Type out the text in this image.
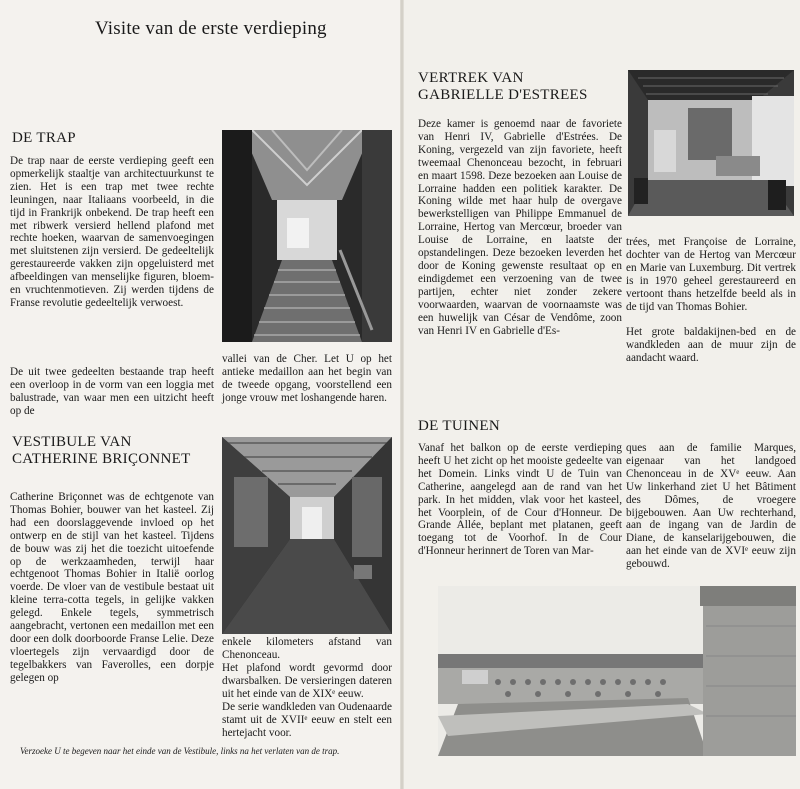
Visite van de erste verdieping
DE TRAP

De trap naar de eerste verdieping geeft een opmerkelijk staaltje van architectuurkunst te zien. Het is een trap met twee rechte leuningen, naar Italiaans voorbeeld, in die tijd in Frankrijk onbekend. De trap heeft een met ribwerk versierd hellend plafond met rechte hoeken, waarvan de samenvoegingen met sluitstenen zijn versierd. De gedeeltelijk gerestaureerde vakken zijn opgeluisterd met afbeeldingen van menselijke figuren, bloem- en vruchtenmotieven. Zij werden tijdens de Franse revolutie gedeeltelijk verwoest.

De uit twee gedeelten bestaande trap heeft een overloop in de vorm van een loggia met balustrade, van waar men een uitzicht heeft op de

vallei van de Cher. Let U op het antieke medaillon aan het begin van de tweede opgang, voorstellend een jonge vrouw met loshangende haren.

VESTIBULE VAN
CATHERINE BRIÇONNET

Catherine Briçonnet was de echtgenote van Thomas Bohier, bouwer van het kasteel. Zij had een doorslaggevende invloed op het ontwerp en de stijl van het kasteel. Tijdens de bouw was zij het die toezicht uitoefende op de werkzaamheden, terwijl haar echtgenoot Thomas Bohier in Italië oorlog voerde. De vloer van de vestibule bestaat uit kleine terra-cotta tegels, in gelijke vakken gelegd. Enkele tegels, symmetrisch aangebracht, vertonen een medaillon met een door een dolk doorboorde Franse Lelie. Deze vloertegels zijn vervaardigd door de tegelbakkers van Faverolles, een dorpje gelegen op

enkele kilometers afstand van Chenonceau.

Het plafond wordt gevormd door dwarsbalken. De versieringen dateren uit het einde van de XIXᵉ eeuw.

De serie wandkleden van Oudenaarde stamt uit de XVIIᵉ eeuw en stelt een hertejacht voor.

Verzoeke U te begeven naar het einde van de Vestibule, links na het verlaten van de trap.

VERTREK VAN
GABRIELLE D'ESTREES

Deze kamer is genoemd naar de favoriete van Henri IV, Gabrielle d'Estrées. De Koning, vergezeld van zijn favoriete, heeft tweemaal Chenonceau bezocht, in februari en maart 1598. Deze bezoeken aan Louise de Lorraine hadden een politiek karakter. De Koning wilde met haar hulp de overgave bewerkstelligen van Philippe Emmanuel de Lorraine, Hertog van Mercœur, broeder van Louise de Lorraine, en laatste der opstandelingen. Deze bezoeken leverden het door de Koning gewenste resultaat op en eindigdemet een verzoening van de twee partijen, echter niet zonder zekere voorwaarden, waarvan de voornaamste was een huwelijk van César de Vendôme, zoon van Henri IV en Gabrielle d'Es-

trées, met Françoise de Lorraine, dochter van de Hertog van Mercœur en Marie van Luxemburg. Dit vertrek is in 1970 geheel gerestaureerd en vertoont thans hetzelfde beeld als in de tijd van Thomas Bohier.

Het grote baldakijnen-bed en de wandkleden aan de muur zijn de aandacht waard.

DE TUINEN

Vanaf het balkon op de eerste verdieping heeft U het zicht op het mooiste gedeelte van het Domein. Links vindt U de Tuin van Catherine, aangelegd aan de rand van het park. In het midden, vlak voor het kasteel, het Voorplein, of de Cour d'Honneur. De Grande Allée, beplant met platanen, geeft toegang tot de Voorhof. In de Cour d'Honneur herinnert de Toren van Mar-

ques aan de familie Marques, eigenaar van het landgoed Chenonceau in de XVᵉ eeuw. Aan Uw linkerhand ziet U het Bâtiment des Dômes, de vroegere bijgebouwen. Aan Uw rechterhand, aan de ingang van de Jardin de Diane, de kanselarijgebouwen, die aan het einde van de XVIᵉ eeuw zijn gebouwd.
